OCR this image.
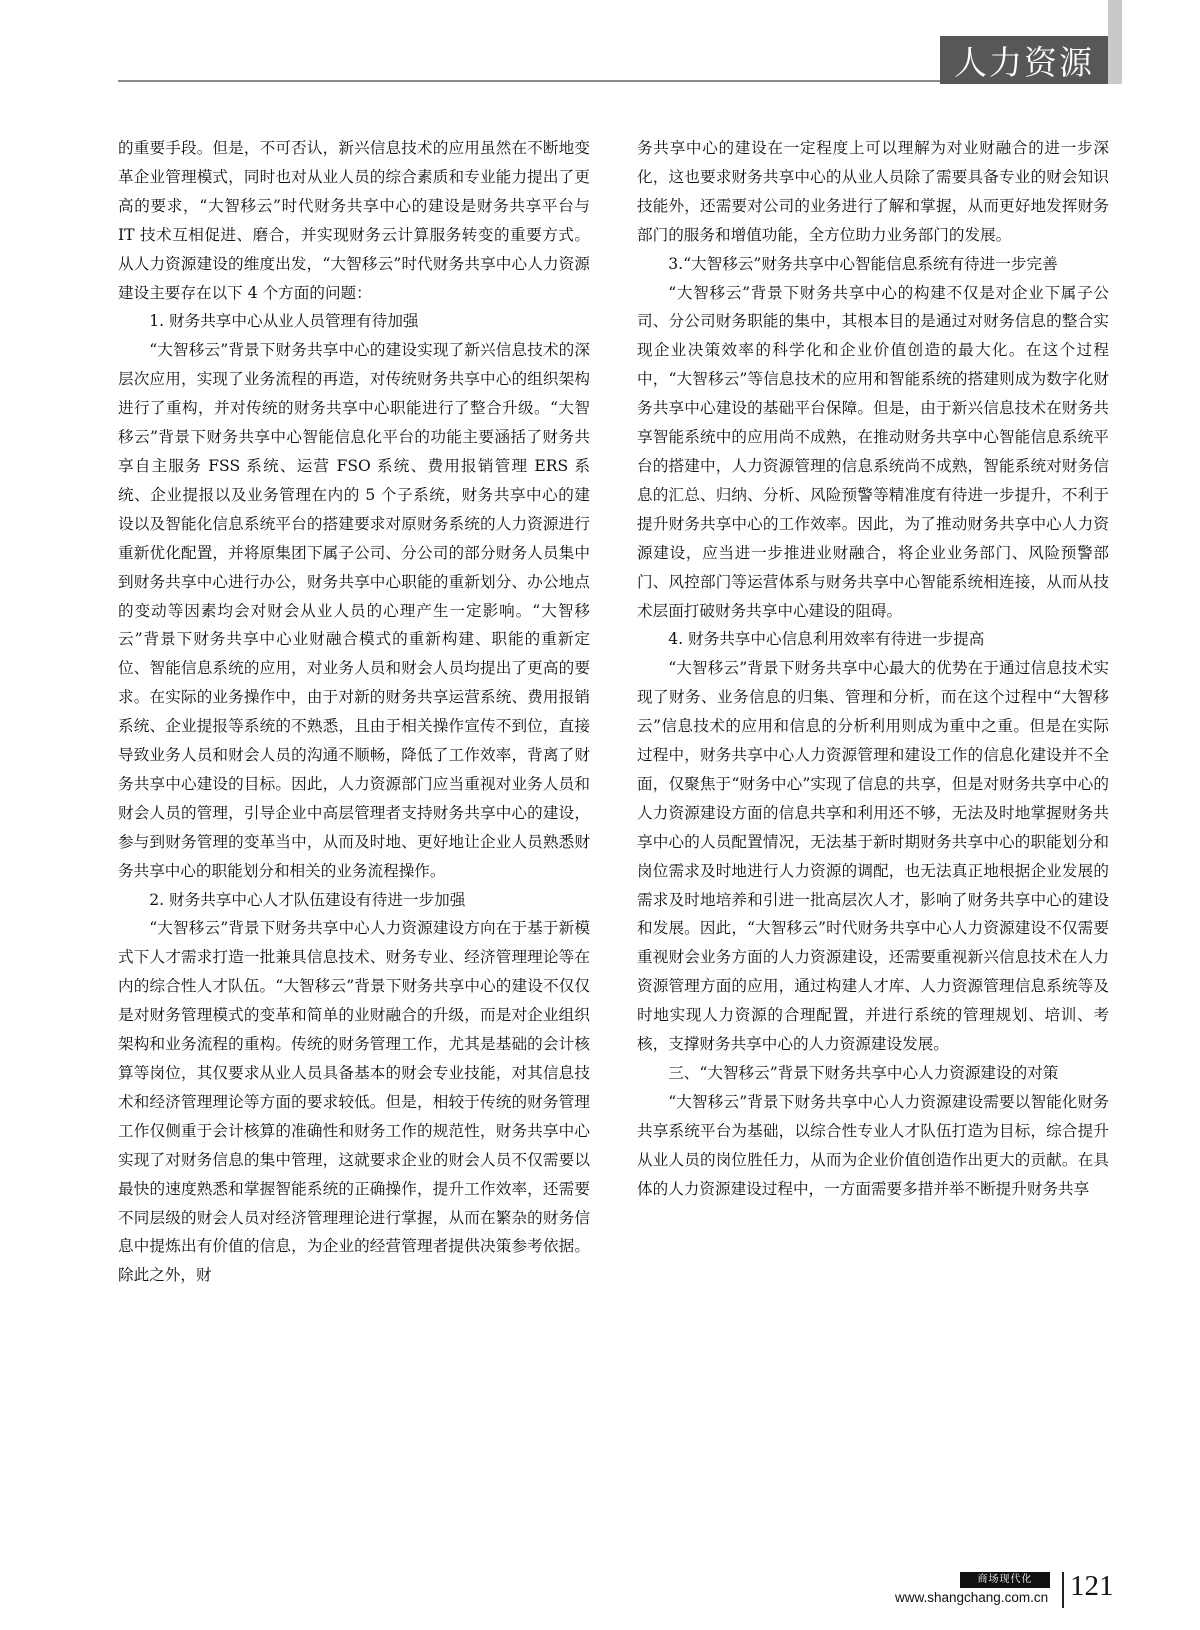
人力资源

的重要手段。但是，不可否认，新兴信息技术的应用虽然在不断地变革企业管理模式，同时也对从业人员的综合素质和专业能力提出了更高的要求，“大智移云”时代财务共享中心的建设是财务共享平台与 IT 技术互相促进、磨合，并实现财务云计算服务转变的重要方式。从人力资源建设的维度出发，“大智移云”时代财务共享中心人力资源建设主要存在以下 4 个方面的问题：

1. 财务共享中心从业人员管理有待加强

“大智移云”背景下财务共享中心的建设实现了新兴信息技术的深层次应用，实现了业务流程的再造，对传统财务共享中心的组织架构进行了重构，并对传统的财务共享中心职能进行了整合升级。“大智移云”背景下财务共享中心智能信息化平台的功能主要涵括了财务共享自主服务 FSS 系统、运营 FSO 系统、费用报销管理 ERS 系统、企业提报以及业务管理在内的 5 个子系统，财务共享中心的建设以及智能化信息系统平台的搭建要求对原财务系统的人力资源进行重新优化配置，并将原集团下属子公司、分公司的部分财务人员集中到财务共享中心进行办公，财务共享中心职能的重新划分、办公地点的变动等因素均会对财会从业人员的心理产生一定影响。“大智移云”背景下财务共享中心业财融合模式的重新构建、职能的重新定位、智能信息系统的应用，对业务人员和财会人员均提出了更高的要求。在实际的业务操作中，由于对新的财务共享运营系统、费用报销系统、企业提报等系统的不熟悉，且由于相关操作宣传不到位，直接导致业务人员和财会人员的沟通不顺畅，降低了工作效率，背离了财务共享中心建设的目标。因此，人力资源部门应当重视对业务人员和财会人员的管理，引导企业中高层管理者支持财务共享中心的建设，参与到财务管理的变革当中，从而及时地、更好地让企业人员熟悉财务共享中心的职能划分和相关的业务流程操作。

2. 财务共享中心人才队伍建设有待进一步加强

“大智移云”背景下财务共享中心人力资源建设方向在于基于新模式下人才需求打造一批兼具信息技术、财务专业、经济管理理论等在内的综合性人才队伍。“大智移云”背景下财务共享中心的建设不仅仅是对财务管理模式的变革和简单的业财融合的升级，而是对企业组织架构和业务流程的重构。传统的财务管理工作，尤其是基础的会计核算等岗位，其仅要求从业人员具备基本的财会专业技能，对其信息技术和经济管理理论等方面的要求较低。但是，相较于传统的财务管理工作仅侧重于会计核算的准确性和财务工作的规范性，财务共享中心实现了对财务信息的集中管理，这就要求企业的财会人员不仅需要以最快的速度熟悉和掌握智能系统的正确操作，提升工作效率，还需要不同层级的财会人员对经济管理理论进行掌握，从而在繁杂的财务信息中提炼出有价值的信息，为企业的经营管理者提供决策参考依据。除此之外，财

务共享中心的建设在一定程度上可以理解为对业财融合的进一步深化，这也要求财务共享中心的从业人员除了需要具备专业的财会知识技能外，还需要对公司的业务进行了解和掌握，从而更好地发挥财务部门的服务和增值功能，全方位助力业务部门的发展。

3.“大智移云”财务共享中心智能信息系统有待进一步完善

“大智移云”背景下财务共享中心的构建不仅是对企业下属子公司、分公司财务职能的集中，其根本目的是通过对财务信息的整合实现企业决策效率的科学化和企业价值创造的最大化。在这个过程中，“大智移云”等信息技术的应用和智能系统的搭建则成为数字化财务共享中心建设的基础平台保障。但是，由于新兴信息技术在财务共享智能系统中的应用尚不成熟，在推动财务共享中心智能信息系统平台的搭建中，人力资源管理的信息系统尚不成熟，智能系统对财务信息的汇总、归纳、分析、风险预警等精准度有待进一步提升，不利于提升财务共享中心的工作效率。因此，为了推动财务共享中心人力资源建设，应当进一步推进业财融合，将企业业务部门、风险预警部门、风控部门等运营体系与财务共享中心智能系统相连接，从而从技术层面打破财务共享中心建设的阻碍。

4. 财务共享中心信息利用效率有待进一步提高

“大智移云”背景下财务共享中心最大的优势在于通过信息技术实现了财务、业务信息的归集、管理和分析，而在这个过程中“大智移云”信息技术的应用和信息的分析利用则成为重中之重。但是在实际过程中，财务共享中心人力资源管理和建设工作的信息化建设并不全面，仅聚焦于“财务中心”实现了信息的共享，但是对财务共享中心的人力资源建设方面的信息共享和利用还不够，无法及时地掌握财务共享中心的人员配置情况，无法基于新时期财务共享中心的职能划分和岗位需求及时地进行人力资源的调配，也无法真正地根据企业发展的需求及时地培养和引进一批高层次人才，影响了财务共享中心的建设和发展。因此，“大智移云”时代财务共享中心人力资源建设不仅需要重视财会业务方面的人力资源建设，还需要重视新兴信息技术在人力资源管理方面的应用，通过构建人才库、人力资源管理信息系统等及时地实现人力资源的合理配置，并进行系统的管理规划、培训、考核，支撑财务共享中心的人力资源建设发展。

三、“大智移云”背景下财务共享中心人力资源建设的对策

“大智移云”背景下财务共享中心人力资源建设需要以智能化财务共享系统平台为基础，以综合性专业人才队伍打造为目标，综合提升从业人员的岗位胜任力，从而为企业价值创造作出更大的贡献。在具体的人力资源建设过程中，一方面需要多措并举不断提升财务共享

商场现代化
www.shangchang.com.cn 121
